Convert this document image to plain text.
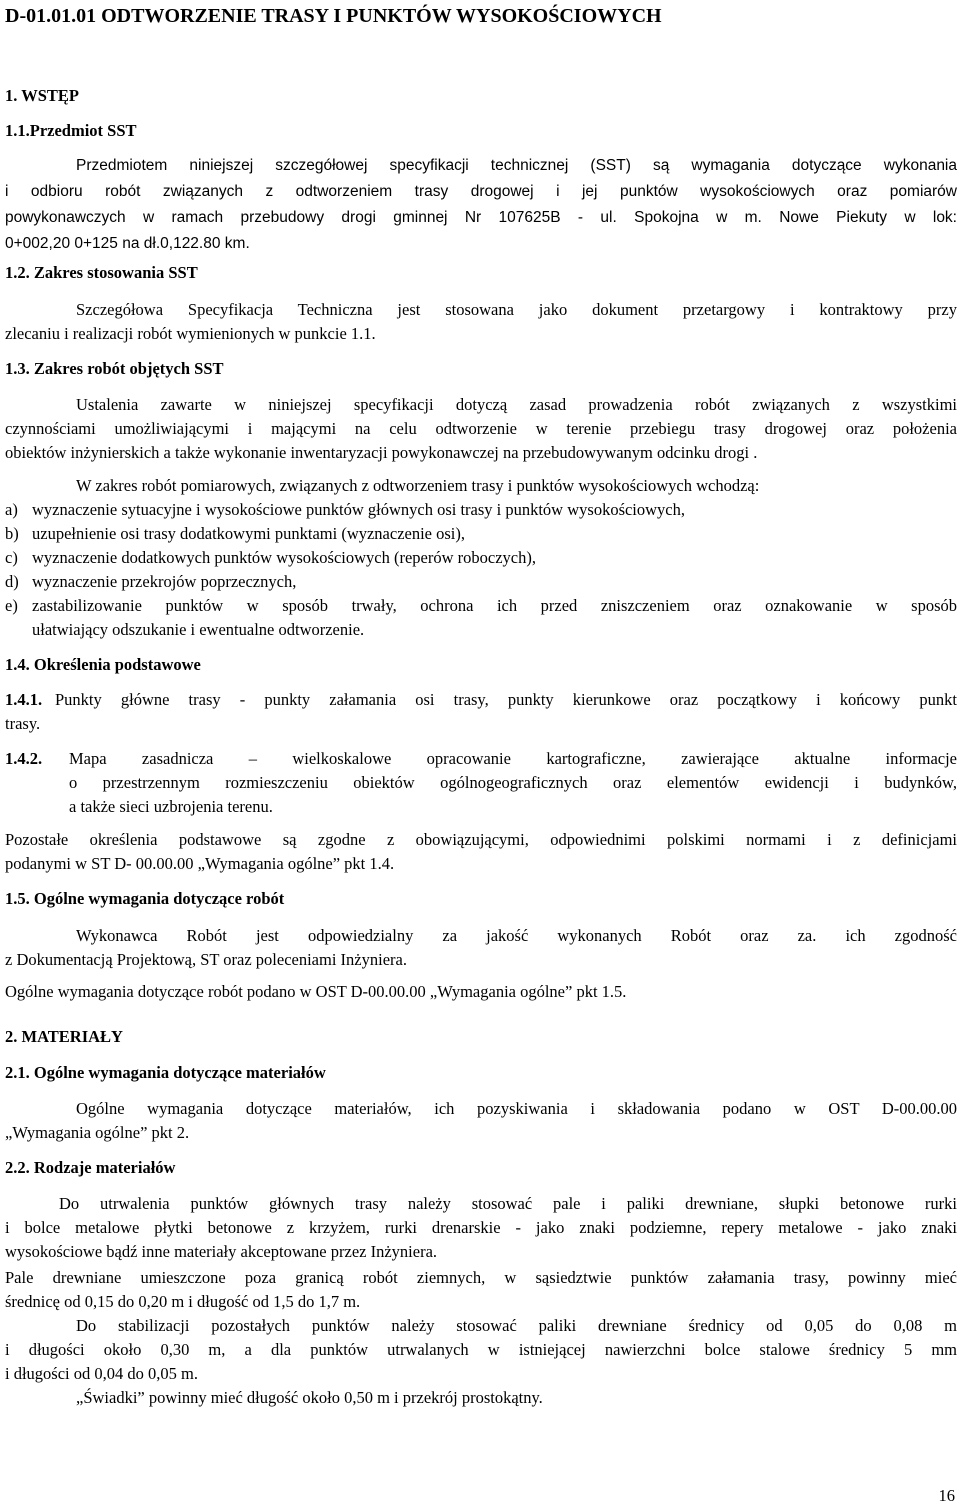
D-01.01.01 ODTWORZENIE TRASY I PUNKTÓW WYSOKOŚCIOWYCH
1. WSTĘP
1.1.Przedmiot SST
Przedmiotem niniejszej szczegółowej specyfikacji technicznej (SST) są wymagania dotyczące wykonania
i odbioru robót związanych z odtworzeniem trasy drogowej i jej punktów wysokościowych oraz pomiarów
powykonawczych w ramach przebudowy drogi gminnej Nr 107625B - ul. Spokojna w m. Nowe Piekuty w lok:
0+002,20 0+125 na dł.0,122.80 km.
1.2. Zakres stosowania SST
Szczegółowa Specyfikacja Techniczna jest stosowana jako dokument przetargowy i kontraktowy przy
zlecaniu i realizacji robót wymienionych w punkcie 1.1.
1.3. Zakres robót objętych SST
Ustalenia zawarte w niniejszej specyfikacji dotyczą zasad prowadzenia robót związanych z wszystkimi
czynnościami umożliwiającymi i mającymi na celu odtworzenie w terenie przebiegu trasy drogowej oraz położenia
obiektów inżynierskich a także wykonanie inwentaryzacji powykonawczej na przebudowywanym odcinku drogi .
W zakres robót pomiarowych, związanych z odtworzeniem trasy i punktów wysokościowych wchodzą:
a) wyznaczenie sytuacyjne i wysokościowe punktów głównych osi trasy i punktów wysokościowych,
b) uzupełnienie osi trasy dodatkowymi punktami (wyznaczenie osi),
c) wyznaczenie dodatkowych punktów wysokościowych (reperów roboczych),
d) wyznaczenie przekrojów poprzecznych,
e) zastabilizowanie punktów w sposób trwały, ochrona ich przed zniszczeniem oraz oznakowanie w sposób
ułatwiający odszukanie i ewentualne odtworzenie.
1.4. Określenia podstawowe
1.4.1. Punkty główne trasy - punkty załamania osi trasy, punkty kierunkowe oraz początkowy i końcowy punkt
trasy.
1.4.2. Mapa zasadnicza – wielkoskalowe opracowanie kartograficzne, zawierające aktualne informacje
o przestrzennym rozmieszczeniu obiektów ogólnogeograficznych oraz elementów ewidencji i budynków,
a także sieci uzbrojenia terenu.
Pozostałe określenia podstawowe są zgodne z obowiązującymi, odpowiednimi polskimi normami i z definicjami
podanymi w ST D- 00.00.00 „Wymagania ogólne” pkt 1.4.
1.5. Ogólne wymagania dotyczące robót
Wykonawca Robót jest odpowiedzialny za jakość wykonanych Robót oraz za. ich zgodność
z Dokumentacją Projektową, ST oraz poleceniami Inżyniera.
Ogólne wymagania dotyczące robót podano w OST D-00.00.00 „Wymagania ogólne” pkt 1.5.
2. MATERIAŁY
2.1. Ogólne wymagania dotyczące materiałów
Ogólne wymagania dotyczące materiałów, ich pozyskiwania i składowania podano w OST D-00.00.00
„Wymagania ogólne” pkt 2.
2.2. Rodzaje materiałów
Do utrwalenia punktów głównych trasy należy stosować pale i paliki drewniane, słupki betonowe rurki
i bolce metalowe płytki betonowe z krzyżem, rurki drenarskie - jako znaki podziemne, repery metalowe - jako znaki
wysokościowe bądź inne materiały akceptowane przez Inżyniera.
Pale drewniane umieszczone poza granicą robót ziemnych, w sąsiedztwie punktów załamania trasy, powinny mieć
średnicę od 0,15 do 0,20 m i długość od 1,5 do 1,7 m.
Do stabilizacji pozostałych punktów należy stosować paliki drewniane średnicy od 0,05 do 0,08 m
i długości około 0,30 m, a dla punktów utrwalanych w istniejącej nawierzchni bolce stalowe średnicy 5 mm
i długości od 0,04 do 0,05 m.
„Świadki” powinny mieć długość około 0,50 m i przekrój prostokątny.
16
